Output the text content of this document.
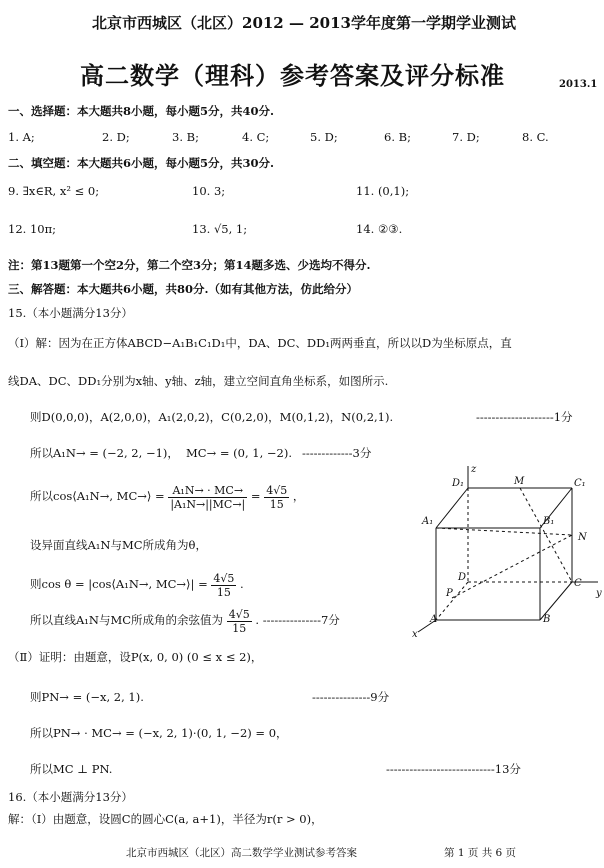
北京市西城区（北区）2012 — 2013学年度第一学期学业测试
高二数学（理科）参考答案及评分标准	2013.1
一、选择题：本大题共8小题，每小题5分，共40分.
1. A;	2. D;	3. B;	4. C;	5. D;	6. B;	7. D;	8. C.
二、填空题：本大题共6小题，每小题5分，共30分.
9. ∃x∈R, x² ≤ 0;	10. 3;	11. (0,1);
12. 10π;	13. √5, 1;	14. ②③.
注：第13题第一个空2分，第二个空3分；第14题多选、少选均不得分.
三、解答题：本大题共6小题，共80分.（如有其他方法，仿此给分）
15.（本小题满分13分）
（Ⅰ）解：因为在正方体ABCD−A₁B₁C₁D₁中，DA、DC、DD₁两两垂直，所以以D为坐标原点，直
线DA、DC、DD₁分别为x轴、y轴、z轴，建立空间直角坐标系，如图所示.
则D(0,0,0)，A(2,0,0)，A₁(2,0,2)，C(0,2,0)，M(0,1,2)，N(0,2,1).	--------------------1分
所以A₁N→ = (−2, 2, −1)， MC→ = (0, 1, −2). -------------3分
所以cos⟨A₁N→, MC→⟩ = $\frac{\text{A₁N→ · MC→}}{\text{|A₁N→||MC→|}} = \frac{4√5}{15}$ ，
设异面直线A₁N与MC所成角为θ，
则cos θ = |cos⟨A₁N→, MC→⟩| = $\frac{4√5}{15}$ .
所以直线A₁N与MC所成角的余弦值为 $\frac{4√5}{15}$ . ---------------7分
（Ⅱ）证明：由题意，设P(x, 0, 0) (0 ≤ x ≤ 2)，
则PN→ = (−x, 2, 1).	---------------9分
所以PN→ · MC→ = (−x, 2, 1)·(0, 1, −2) = 0，
所以MC ⊥ PN.	----------------------------13分
16.（本小题满分13分）
解：（Ⅰ）由题意，设圆C的圆心C(a, a+1)，半径为r(r > 0)，
z
D₁	M	C₁
A₁	B₁
N
D
C
P
A	B
y
x
北京市西城区（北区）高二数学学业测试参考答案	第 1 页 共 6 页
